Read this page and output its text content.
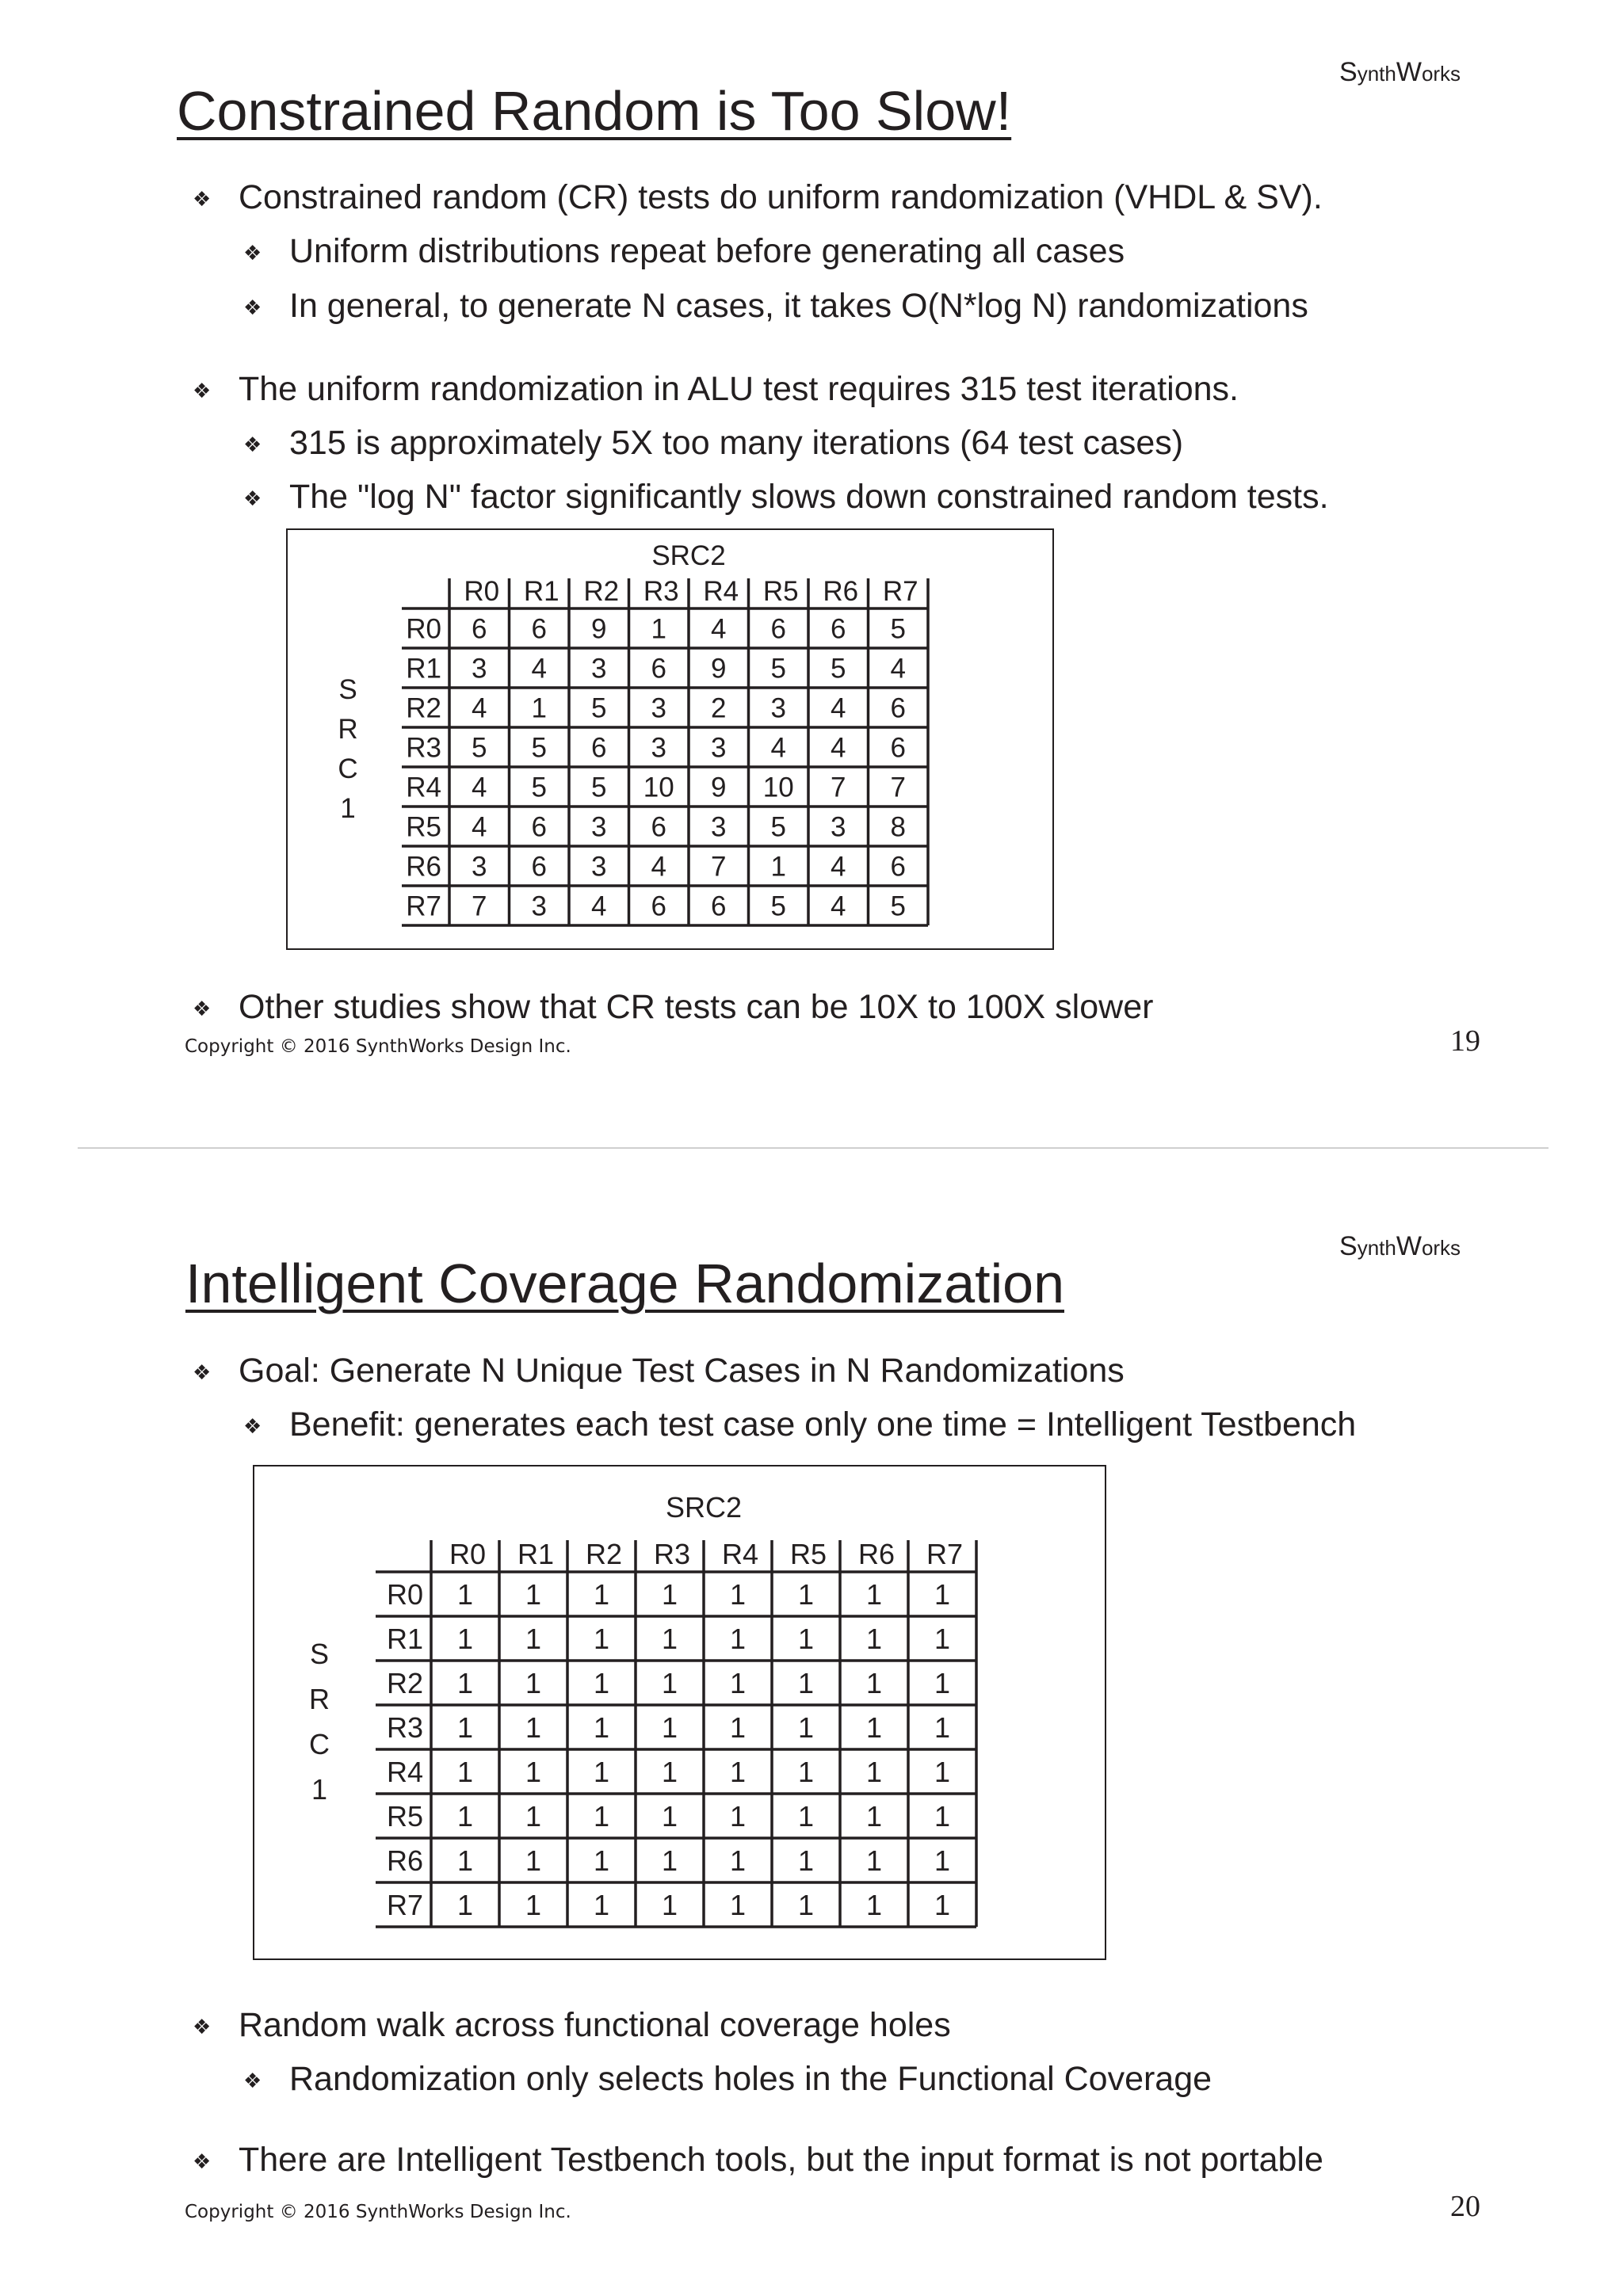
SynthWorks
Constrained Random is Too Slow!
❖ Constrained random (CR) tests do uniform randomization (VHDL & SV).
❖ Uniform distributions repeat before generating all cases
❖ In general, to generate N cases, it takes O(N*log N) randomizations
❖ The uniform randomization in ALU test requires 315 test iterations.
❖ 315 is approximately 5X too many iterations (64 test cases)
❖ The "log N" factor significantly slows down constrained random tests.
SRC2
S
R
C
1
R0 R1 R2 R3 R4 R5 R6 R7
R0 6 6 9 1 4 6 6 5
R1 3 4 3 6 9 5 5 4
R2 4 1 5 3 2 3 4 6
R3 5 5 6 3 3 4 4 6
R4 4 5 5 10 9 10 7 7
R5 4 6 3 6 3 5 3 8
R6 3 6 3 4 7 1 4 6
R7 7 3 4 6 6 5 4 5
❖ Other studies show that CR tests can be 10X to 100X slower
Copyright © 2016 SynthWorks Design Inc.	19
SynthWorks
Intelligent Coverage Randomization
❖ Goal: Generate N Unique Test Cases in N Randomizations
❖ Benefit: generates each test case only one time = Intelligent Testbench
SRC2
S
R
C
1
R0 R1 R2 R3 R4 R5 R6 R7
R0 1 1 1 1 1 1 1 1
R1 1 1 1 1 1 1 1 1
R2 1 1 1 1 1 1 1 1
R3 1 1 1 1 1 1 1 1
R4 1 1 1 1 1 1 1 1
R5 1 1 1 1 1 1 1 1
R6 1 1 1 1 1 1 1 1
R7 1 1 1 1 1 1 1 1
❖ Random walk across functional coverage holes
❖ Randomization only selects holes in the Functional Coverage
❖ There are Intelligent Testbench tools, but the input format is not portable
Copyright © 2016 SynthWorks Design Inc.	20
